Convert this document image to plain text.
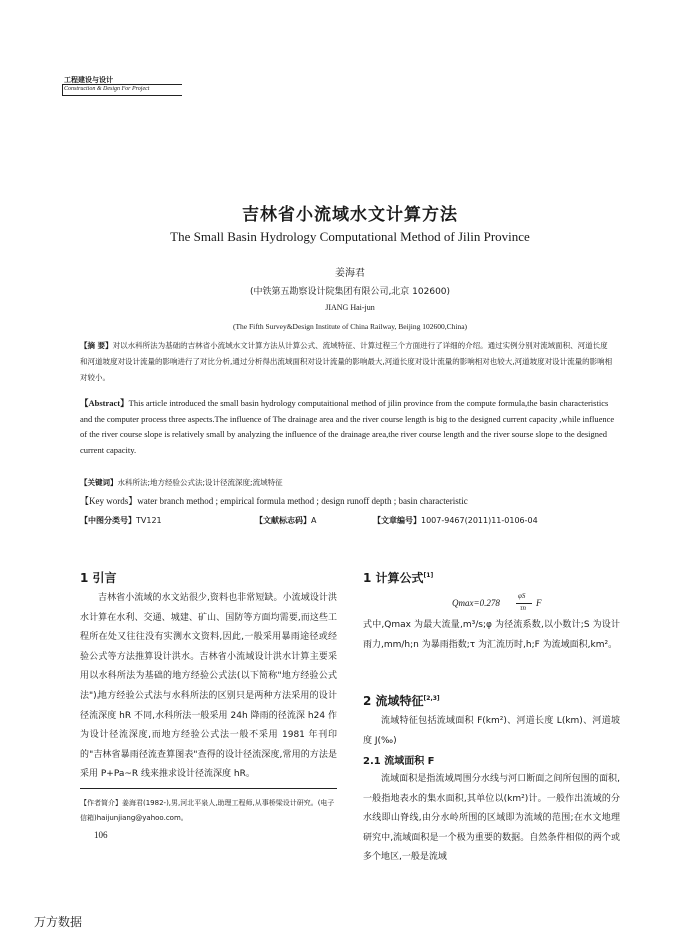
工程建设与设计
Construction & Design For Project
吉林省小流域水文计算方法
The Small Basin Hydrology Computational Method of Jilin Province
姜海君
(中铁第五勘察设计院集团有限公司,北京 102600)
JIANG Hai-jun
(The Fifth Survey&Design Institute of China Railway, Beijing 102600,China)
【摘 要】对以水科所法为基础的吉林省小流域水文计算方法从计算公式、流域特征、计算过程三个方面进行了详细的介绍。通过实例分别对流域面积、河道长度和河道坡度对设计流量的影响进行了对比分析,通过分析得出流域面积对设计流量的影响最大,河道长度对设计流量的影响相对也较大,河道坡度对设计流量的影响相对较小。
【Abstract】This article introduced the small basin hydrology computaitional method of jilin province from the compute formula,the basin characteristics and the computer process three aspects.The influence of The drainage area and the river course length is big to the designed current capacity ,while influence of the river course slope is relatively small by analyzing the influence of the drainage area,the river course length and the river sourse slope to the designed current capacity.
【关键词】水科所法;地方经验公式法;设计径流深度;流域特征
【Key words】water branch method ; empirical formula method ; design runoff depth ; basin characteristic
【中图分类号】TV121	【文献标志码】A	【文章编号】1007-9467(2011)11-0106-04
1 引言
吉林省小流域的水文站很少,资料也非常短缺。小流域设计洪水计算在水利、交通、城建、矿山、国防等方面均需要,而这些工程所在处又往往没有实测水文资料,因此,一般采用暴雨途径或经验公式等方法推算设计洪水。吉林省小流域设计洪水计算主要采用以水科所法为基础的地方经验公式法(以下简称"地方经验公式法")。
地方经验公式法与水科所法的区别只是两种方法采用的设计径流深度 hR 不同,水科所法一般采用 24h 降雨的径流深 h24 作为设计径流深度,而地方经验公式法一般不采用 1981 年刊印的"吉林省暴雨径流查算图表"查得的设计径流深度,常用的方法是采用 P+Pa~R 线来推求设计径流深度 hR。
【作者简介】姜海君(1982-),男,河北平泉人,助理工程师,从事桥梁设计研究。(电子信箱)haijunjiang@yahoo.com。
106
1 计算公式[1]
Qmax=0.278
φS
τn F
式中,Qmax 为最大流量,m³/s;φ 为径流系数,以小数计;S 为设计雨力,mm/h;n 为暴雨指数;τ 为汇流历时,h;F 为流域面积,km²。
2 流域特征[2,3]
流域特征包括流域面积 F(km²)、河道长度 L(km)、河道坡度 J(‰)
2.1 流域面积 F
流域面积是指流域周围分水线与河口断面之间所包围的面积,一般指地表水的集水面积,其单位以(km²)计。一般作出流域的分水线即山脊线,由分水岭所围的区域即为流域的范围;在水文地理研究中,流域面积是一个极为重要的数据。自然条件相似的两个或多个地区,一般是流域
万方数据
